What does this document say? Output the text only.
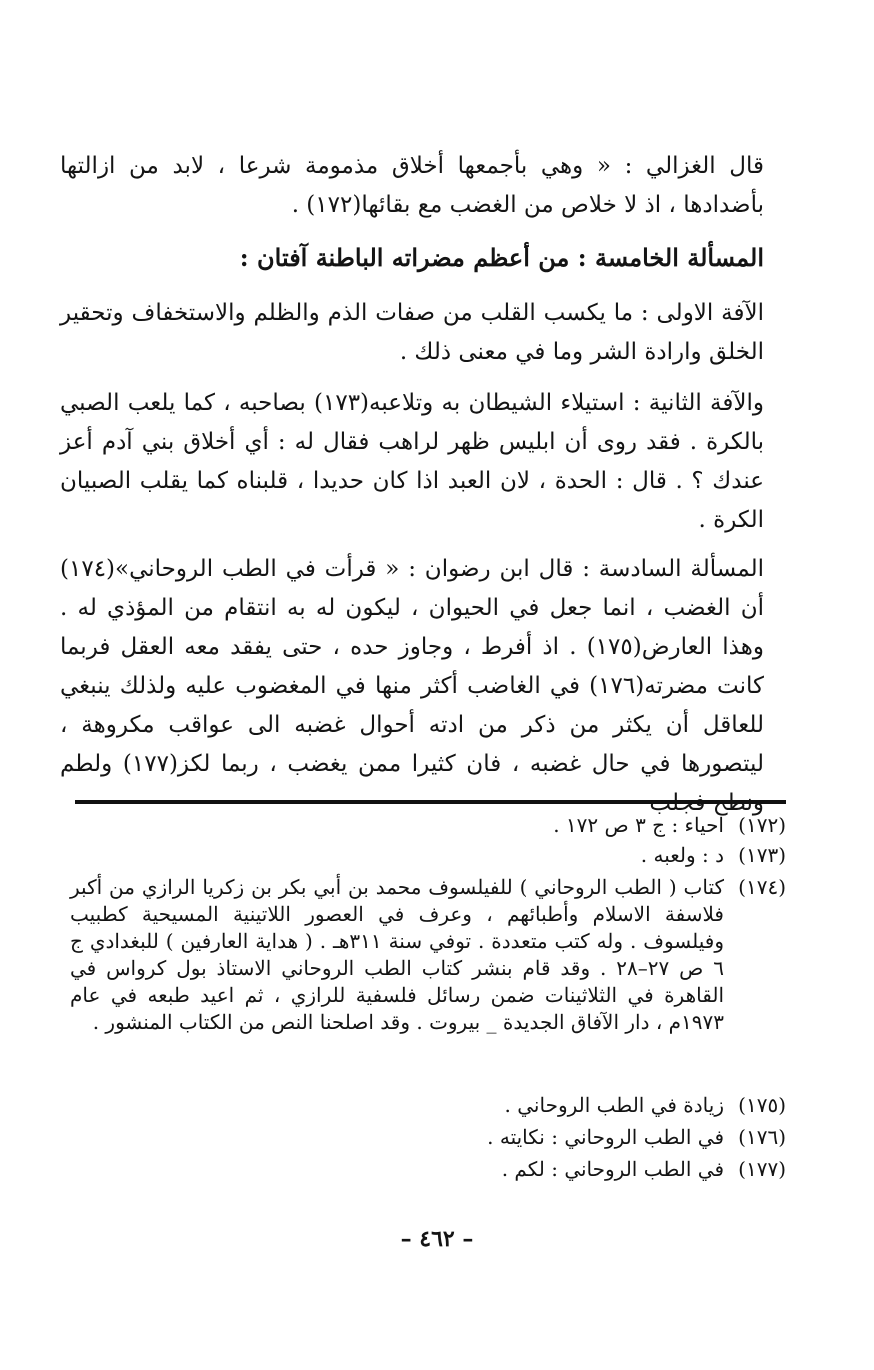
قال الغزالي : « وهي بأجمعها أخلاق مذمومة شرعا ، لابد من ازالتها بأضدادها ، اذ لا خلاص من الغضب مع بقائها(١٧٢) .

المسألة الخامسة : من أعظم مضراته الباطنة آفتان :

الآفة الاولى : ما يكسب القلب من صفات الذم والظلم والاستخفاف وتحقير الخلق وارادة الشر وما في معنى ذلك .

والآفة الثانية : استيلاء الشيطان به وتلاعبه(١٧٣) بصاحبه ، كما يلعب الصبي بالكرة . فقد روى أن ابليس ظهر لراهب فقال له : أي أخلاق بني آدم أعز عندك ؟ . قال : الحدة ، لان العبد اذا كان حديدا ، قلبناه كما يقلب الصبيان الكرة .

المسألة السادسة : قال ابن رضوان : « قرأت في الطب الروحاني»(١٧٤) أن الغضب ، انما جعل في الحيوان ، ليكون له به انتقام من المؤذي له . وهذا العارض(١٧٥) . اذ أفرط ، وجاوز حده ، حتى يفقد معه العقل فربما كانت مضرته(١٧٦) في الغاضب أكثر منها في المغضوب عليه ولذلك ينبغي للعاقل أن يكثر من ذكر من ادته أحوال غضبه الى عواقب مكروهة ، ليتصورها في حال غضبه ، فان كثيرا ممن يغضب ، ربما لكز(١٧٧) ولطم

(١٧٢)
احياء : ج ٣ ص ١٧٢ .
(١٧٣)
د : ولعبه .
(١٧٤)
كتاب ( الطب الروحاني ) للفيلسوف محمد بن أبي بكر بن زكريا الرازي من أكبر فلاسفة الاسلام وأطبائهم ، وعرف في العصور اللاتينية المسيحية كطبيب وفيلسوف . وله كتب متعددة . توفي سنة ٣١١هـ . ( هداية العارفين ) للبغدادي ج ٦ ص ٢٧–٢٨ . وقد قام بنشر كتاب الطب الروحاني الاستاذ بول كرواس في القاهرة في الثلاثينات ضمن رسائل فلسفية للرازي ، ثم اعيد طبعه في عام ١٩٧٣م ، دار الآفاق الجديدة _ بيروت . وقد اصلحنا النص من الكتاب المنشور .
(١٧٥)
زيادة في الطب الروحاني .
(١٧٦)
في الطب الروحاني : نكايته .
(١٧٧)
في الطب الروحاني : لكم .
– ٤٦٢ –
